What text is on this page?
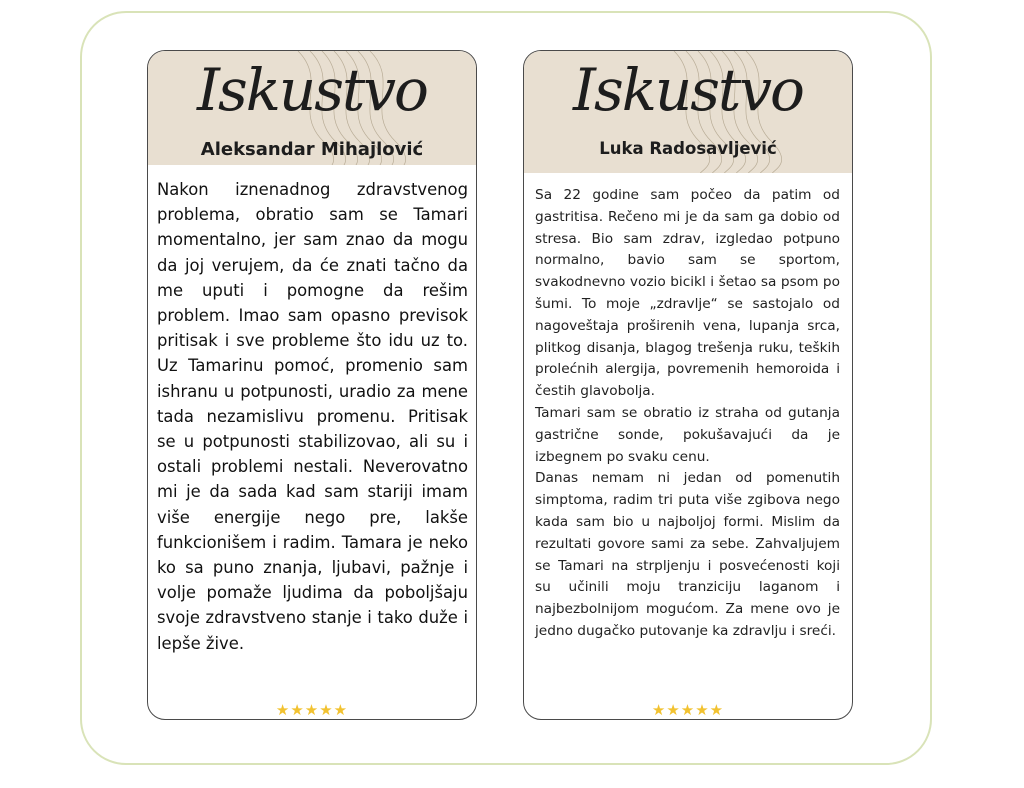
Iskustvo
Aleksandar Mihajlović

Nakon iznenadnog zdravstvenog problema, obratio sam se Tamari momentalno, jer sam znao da mogu da joj verujem, da će znati tačno da me uputi i pomogne da rešim problem. Imao sam opasno previsok pritisak i sve probleme što idu uz to. Uz Tamarinu pomoć, promenio sam ishranu u potpunosti, uradio za mene tada nezamislivu promenu. Pritisak se u potpunosti stabilizovao, ali su i ostali problemi nestali. Neverovatno mi je da sada kad sam stariji imam više energije nego pre, lakše funkcionišem i radim. Tamara je neko ko sa puno znanja, ljubavi, pažnje i volje pomaže ljudima da poboljšaju svoje zdravstveno stanje i tako duže i lepše žive.

★★★★★
Iskustvo
Luka Radosavljević

Sa 22 godine sam počeo da patim od gastritisa. Rečeno mi je da sam ga dobio od stresa. Bio sam zdrav, izgledao potpuno normalno, bavio sam se sportom, svakodnevno vozio bicikl i šetao sa psom po šumi. To moje „zdravlje“ se sastojalo od nagoveštaja proširenih vena, lupanja srca, plitkog disanja, blagog trešenja ruku, teških prolećnih alergija, povremenih hemoroida i čestih glavobolja.

Tamari sam se obratio iz straha od gutanja gastrične sonde, pokušavajući da je izbegnem po svaku cenu.

Danas nemam ni jedan od pomenutih simptoma, radim tri puta više zgibova nego kada sam bio u najboljoj formi. Mislim da rezultati govore sami za sebe. Zahvaljujem se Tamari na strpljenju i posvećenosti koji su učinili moju tranziciju laganom i najbezbolnijom mogućom. Za mene ovo je jedno dugačko putovanje ka zdravlju i sreći.

★★★★★
